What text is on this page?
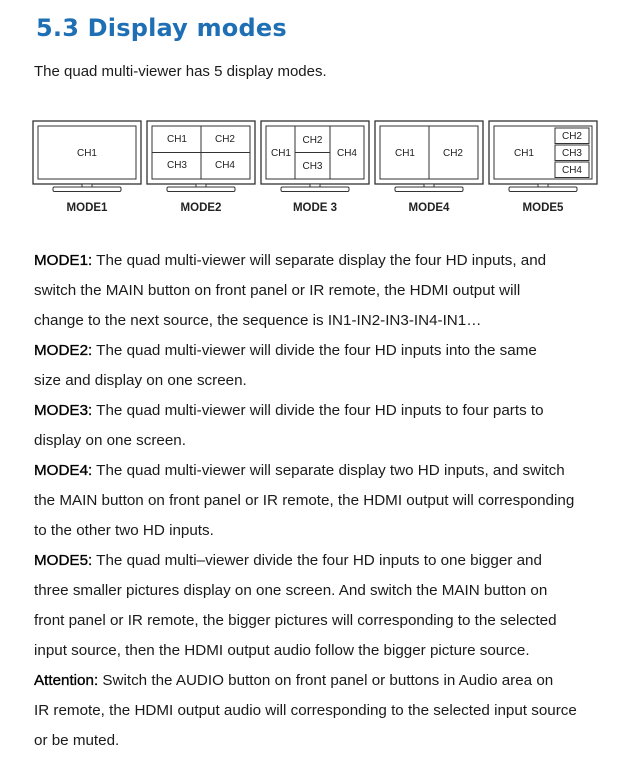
5.3 Display modes

The quad multi-viewer has 5 display modes.

CH1
MODE1
CH1	CH2
CH3	CH4
MODE2
CH1
CH2
CH3
CH4
MODE 3
CH1	CH2
MODE4
CH1
CH2
CH3
CH4
MODE5

MODE1: The quad multi-viewer will separate display the four HD inputs, and

switch the MAIN button on front panel or IR remote, the HDMI output will

change to the next source, the sequence is IN1-IN2-IN3-IN4-IN1…

MODE2: The quad multi-viewer will divide the four HD inputs into the same

size and display on one screen.

MODE3: The quad multi-viewer will divide the four HD inputs to four parts to

display on one screen.

MODE4: The quad multi-viewer will separate display two HD inputs, and switch

the MAIN button on front panel or IR remote, the HDMI output will corresponding

to the other two HD inputs.

MODE5: The quad multi–viewer divide the four HD inputs to one bigger and

three smaller pictures display on one screen. And switch the MAIN button on

front panel or IR remote, the bigger pictures will corresponding to the selected

input source, then the HDMI output audio follow the bigger picture source.

Attention: Switch the AUDIO button on front panel or buttons in Audio area on

IR remote, the HDMI output audio will corresponding to the selected input source

or be muted.
